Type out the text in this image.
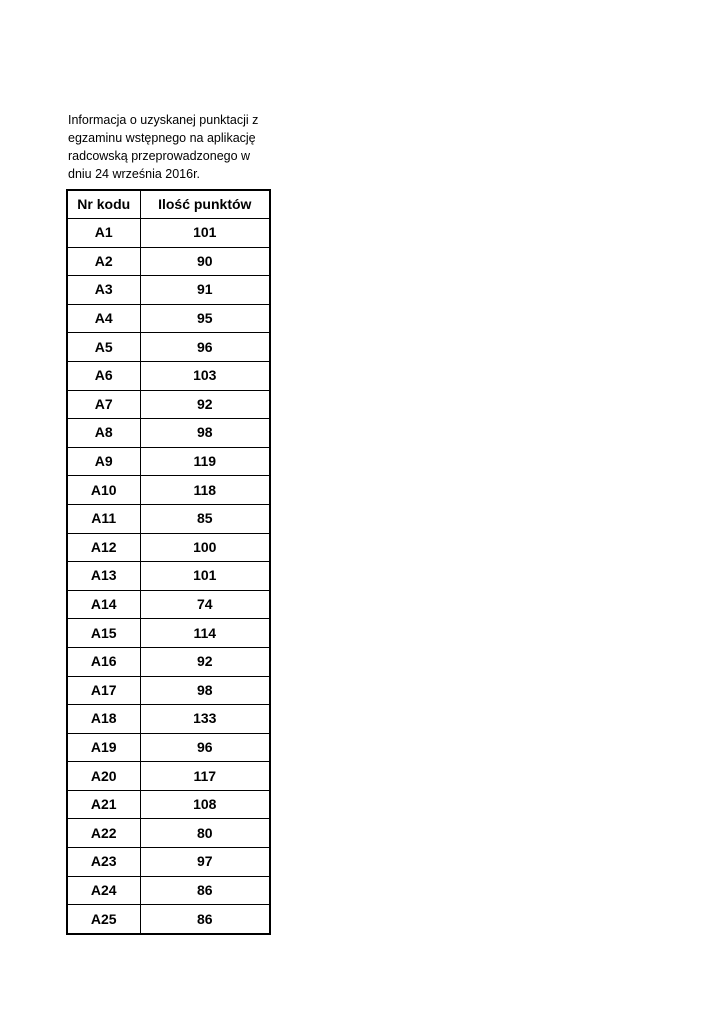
Informacja o uzyskanej punktacji z
egzaminu wstępnego na aplikację
radcowską przeprowadzonego w
dniu 24 września 2016r.
Nr kodu	Ilość punktów
A1	101
A2	90
A3	91
A4	95
A5	96
A6	103
A7	92
A8	98
A9	119
A10	118
A11	85
A12	100
A13	101
A14	74
A15	114
A16	92
A17	98
A18	133
A19	96
A20	117
A21	108
A22	80
A23	97
A24	86
A25	86
